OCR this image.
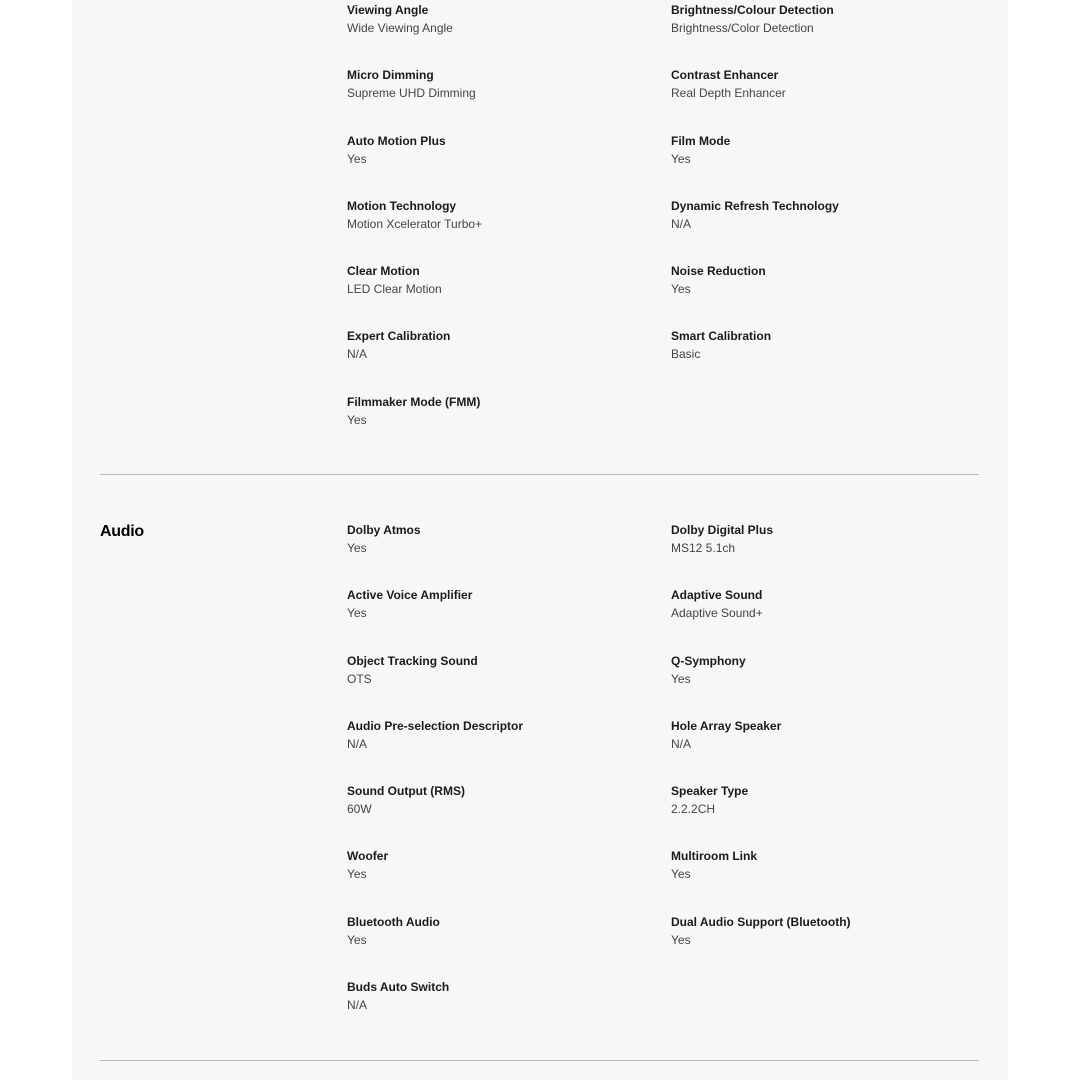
Viewing Angle
Wide Viewing Angle
Brightness/Colour Detection
Brightness/Color Detection
Micro Dimming
Supreme UHD Dimming
Contrast Enhancer
Real Depth Enhancer
Auto Motion Plus
Yes
Film Mode
Yes
Motion Technology
Motion Xcelerator Turbo+
Dynamic Refresh Technology
N/A
Clear Motion
LED Clear Motion
Noise Reduction
Yes
Expert Calibration
N/A
Smart Calibration
Basic
Filmmaker Mode (FMM)
Yes
Audio	Dolby Atmos
Yes
Dolby Digital Plus
MS12 5.1ch
Active Voice Amplifier
Yes
Adaptive Sound
Adaptive Sound+
Object Tracking Sound
OTS
Q-Symphony
Yes
Audio Pre-selection Descriptor
N/A
Hole Array Speaker
N/A
Sound Output (RMS)
60W
Speaker Type
2.2.2CH
Woofer
Yes
Multiroom Link
Yes
Bluetooth Audio
Yes
Dual Audio Support (Bluetooth)
Yes
Buds Auto Switch
N/A
